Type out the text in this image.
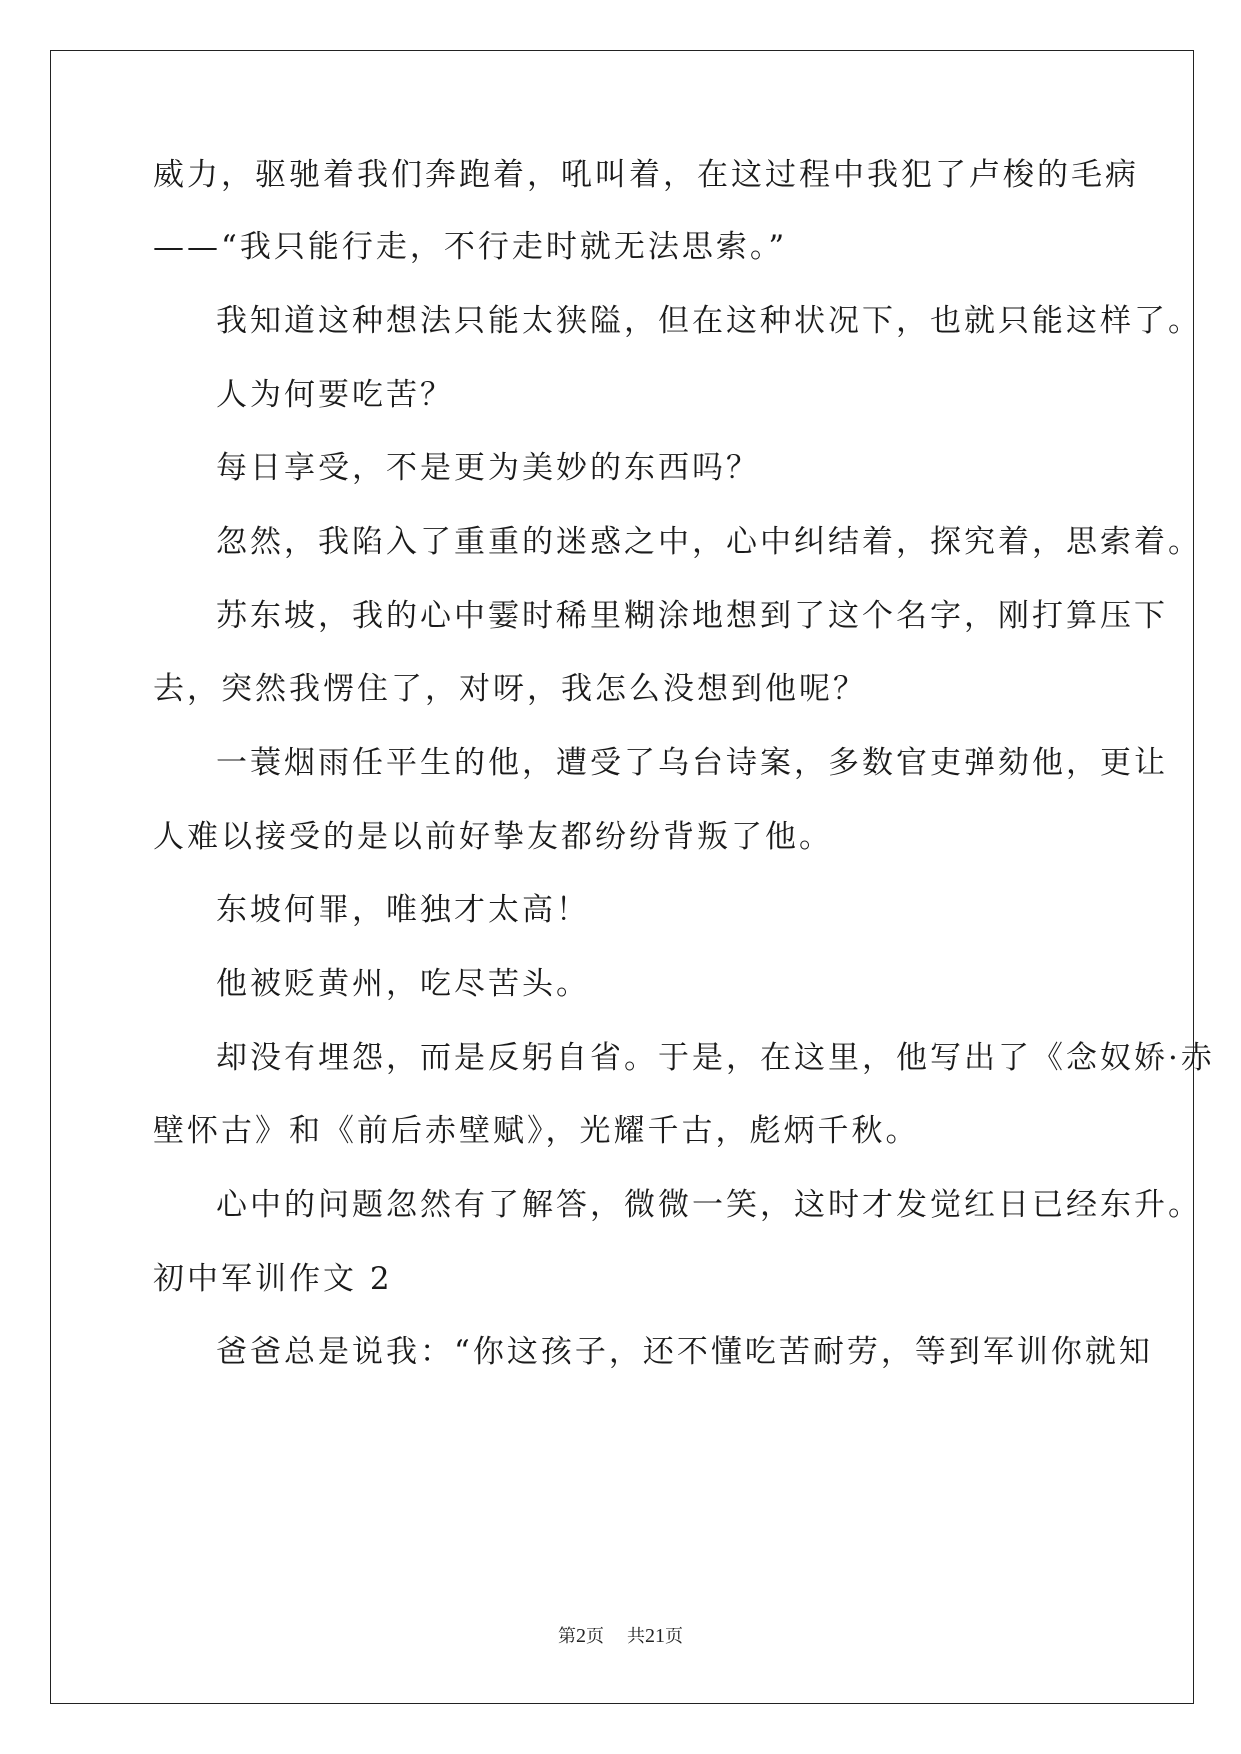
威力，驱驰着我们奔跑着，吼叫着，在这过程中我犯了卢梭的毛病
——“我只能行走，不行走时就无法思索。”
我知道这种想法只能太狭隘，但在这种状况下，也就只能这样了。
人为何要吃苦？
每日享受，不是更为美妙的东西吗？
忽然，我陷入了重重的迷惑之中，心中纠结着，探究着，思索着。
苏东坡，我的心中霎时稀里糊涂地想到了这个名字，刚打算压下
去，突然我愣住了，对呀，我怎么没想到他呢？
一蓑烟雨任平生的他，遭受了乌台诗案，多数官吏弹劾他，更让
人难以接受的是以前好挚友都纷纷背叛了他。
东坡何罪，唯独才太高！
他被贬黄州，吃尽苦头。
却没有埋怨，而是反躬自省。于是，在这里，他写出了《念奴娇·赤
壁怀古》和《前后赤壁赋》，光耀千古，彪炳千秋。
心中的问题忽然有了解答，微微一笑，这时才发觉红日已经东升。
初中军训作文 2
爸爸总是说我：“你这孩子，还不懂吃苦耐劳，等到军训你就知
第2页 共21页
